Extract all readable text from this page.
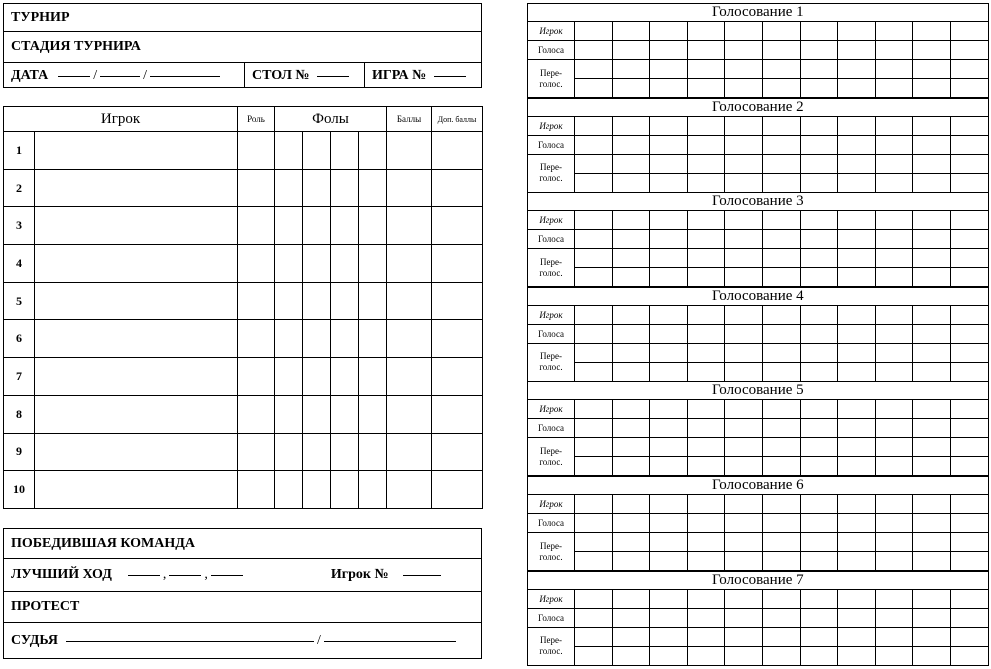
ТУРНИР
СТАДИЯ ТУРНИРА
ДАТА	/	/	СТОЛ №	ИГРА №
Игрок		Роль	Фолы				Баллы	Доп. баллы
1								
2								
3								
4								
5								
6								
7								
8								
9								
10								
ПОБЕДИВШАЯ КОМАНДА
ЛУЧШИЙ ХОД	,	,	Игрок №
ПРОТЕСТ
СУДЬЯ	/
Голосование 1											
Игрок											
Голоса											
Пере-
голос.											

Голосование 2											
Игрок											
Голоса											
Пере-
голос.											

Голосование 3											
Игрок											
Голоса											
Пере-
голос.											

Голосование 4											
Игрок											
Голоса											
Пере-
голос.											

Голосование 5											
Игрок											
Голоса											
Пере-
голос.											

Голосование 6											
Игрок											
Голоса											
Пере-
голос.											

Голосование 7											
Игрок											
Голоса											
Пере-
голос.											
